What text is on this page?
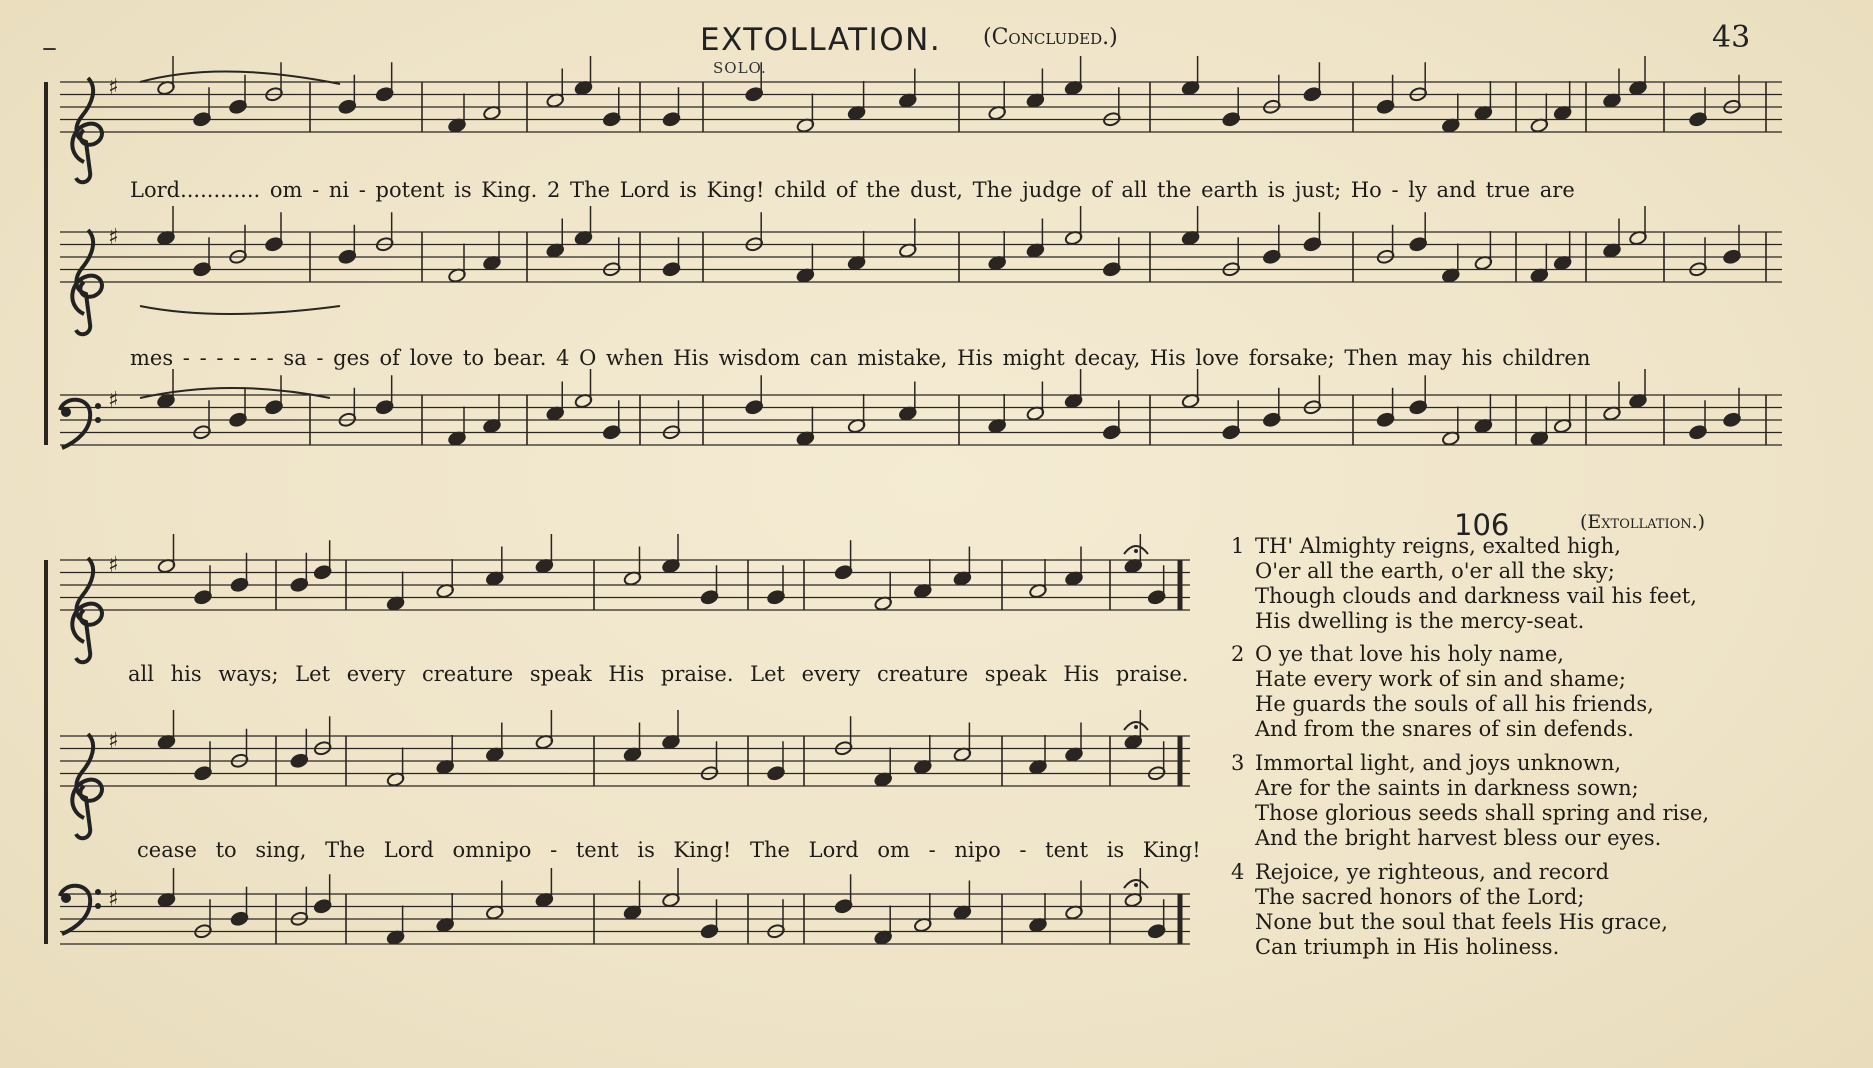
–	EXTOLLATION. (Concluded.)	43
SOLO.
♯
♯
♯
♯
♯
♯
Lord............ om - ni - potent is King. 2 The Lord is King! child of the dust, The judge of all the earth is just; Ho - ly and true are
mes - - - - - - sa - ges of love to bear. 4 O when His wisdom can mistake, His might decay, His love forsake; Then may his children
all his ways; Let every creature speak His praise. Let every creature speak His praise.
cease to sing, The Lord omnipo - tent is King! The Lord om - nipo - tent is King!
106	(Extollation.)
1 TH' Almighty reigns, exalted high,
O'er all the earth, o'er all the sky;
Though clouds and darkness vail his feet,
His dwelling is the mercy-seat.
2 O ye that love his holy name,
Hate every work of sin and shame;
He guards the souls of all his friends,
And from the snares of sin defends.
3 Immortal light, and joys unknown,
Are for the saints in darkness sown;
Those glorious seeds shall spring and rise,
And the bright harvest bless our eyes.
4 Rejoice, ye righteous, and record
The sacred honors of the Lord;
None but the soul that feels His grace,
Can triumph in His holiness.
